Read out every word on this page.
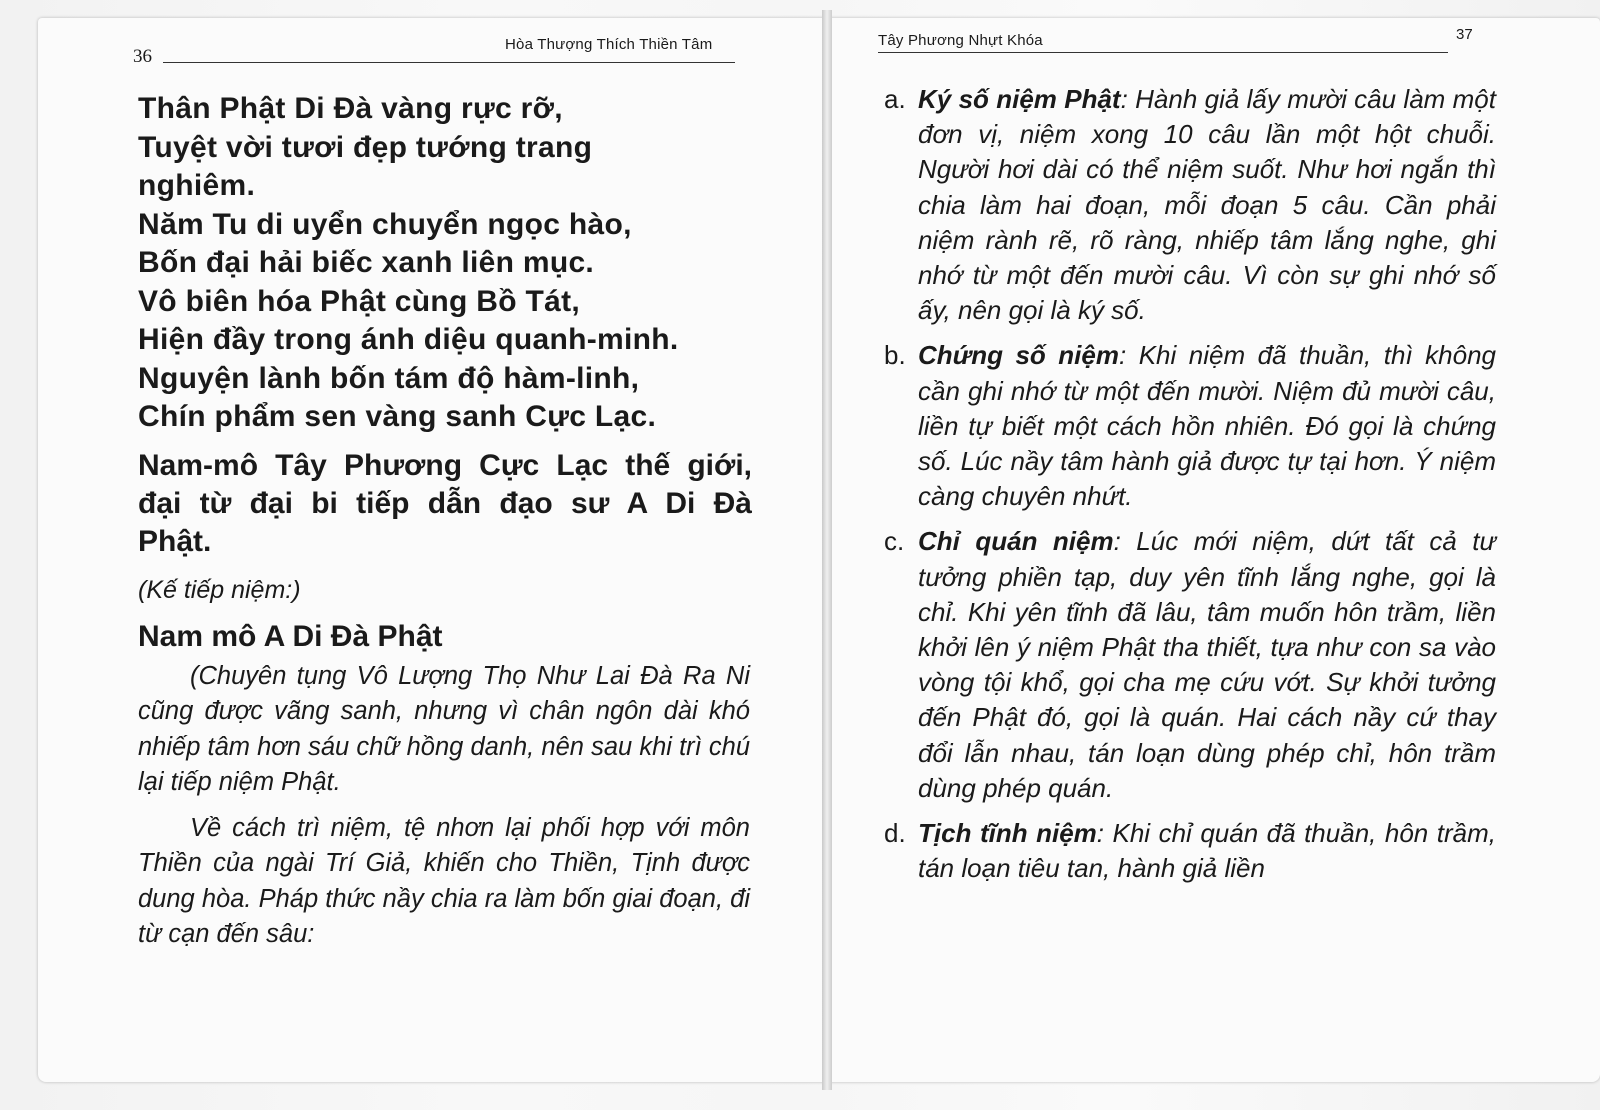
36
Hòa Thượng Thích Thiền Tâm	Tây Phương Nhựt Khóa	37

Thân Phật Di Đà vàng rực rỡ,

Tuyệt vời tươi đẹp tướng trang

nghiêm.

Năm Tu di uyển chuyển ngọc hào,

Bốn đại hải biếc xanh liên mục.

Vô biên hóa Phật cùng Bồ Tát,

Hiện đầy trong ánh diệu quanh-minh.

Nguyện lành bốn tám độ hàm-linh,

Chín phẩm sen vàng sanh Cực Lạc.

Nam-mô Tây Phương Cực Lạc thế giới, đại từ đại bi tiếp dẫn đạo sư A Di Đà Phật.

(Kế tiếp niệm:)

Nam mô A Di Đà Phật

(Chuyên tụng Vô Lượng Thọ Như Lai Đà Ra Ni cũng được vãng sanh, nhưng vì chân ngôn dài khó nhiếp tâm hơn sáu chữ hồng danh, nên sau khi trì chú lại tiếp niệm Phật.

Về cách trì niệm, tệ nhơn lại phối hợp với môn Thiền của ngài Trí Giả, khiến cho Thiền, Tịnh được dung hòa. Pháp thức nầy chia ra làm bốn giai đoạn, đi từ cạn đến sâu:

a. Ký số niệm Phật: Hành giả lấy mười câu làm một đơn vị, niệm xong 10 câu lần một hột chuỗi. Người hơi dài có thể niệm suốt. Như hơi ngắn thì chia làm hai đoạn, mỗi đoạn 5 câu. Cần phải niệm rành rẽ, rõ ràng, nhiếp tâm lắng nghe, ghi nhớ từ một đến mười câu. Vì còn sự ghi nhớ số ấy, nên gọi là ký số.
b. Chứng số niệm: Khi niệm đã thuần, thì không cần ghi nhớ từ một đến mười. Niệm đủ mười câu, liền tự biết một cách hồn nhiên. Đó gọi là chứng số. Lúc nầy tâm hành giả được tự tại hơn. Ý niệm càng chuyên nhứt.
c. Chỉ quán niệm: Lúc mới niệm, dứt tất cả tư tưởng phiền tạp, duy yên tĩnh lắng nghe, gọi là chỉ. Khi yên tĩnh đã lâu, tâm muốn hôn trầm, liền khởi lên ý niệm Phật tha thiết, tựa như con sa vào vòng tội khổ, gọi cha mẹ cứu vớt. Sự khởi tưởng đến Phật đó, gọi là quán. Hai cách nầy cứ thay đổi lẫn nhau, tán loạn dùng phép chỉ, hôn trầm dùng phép quán.
d. Tịch tĩnh niệm: Khi chỉ quán đã thuần, hôn trầm, tán loạn tiêu tan, hành giả liền
